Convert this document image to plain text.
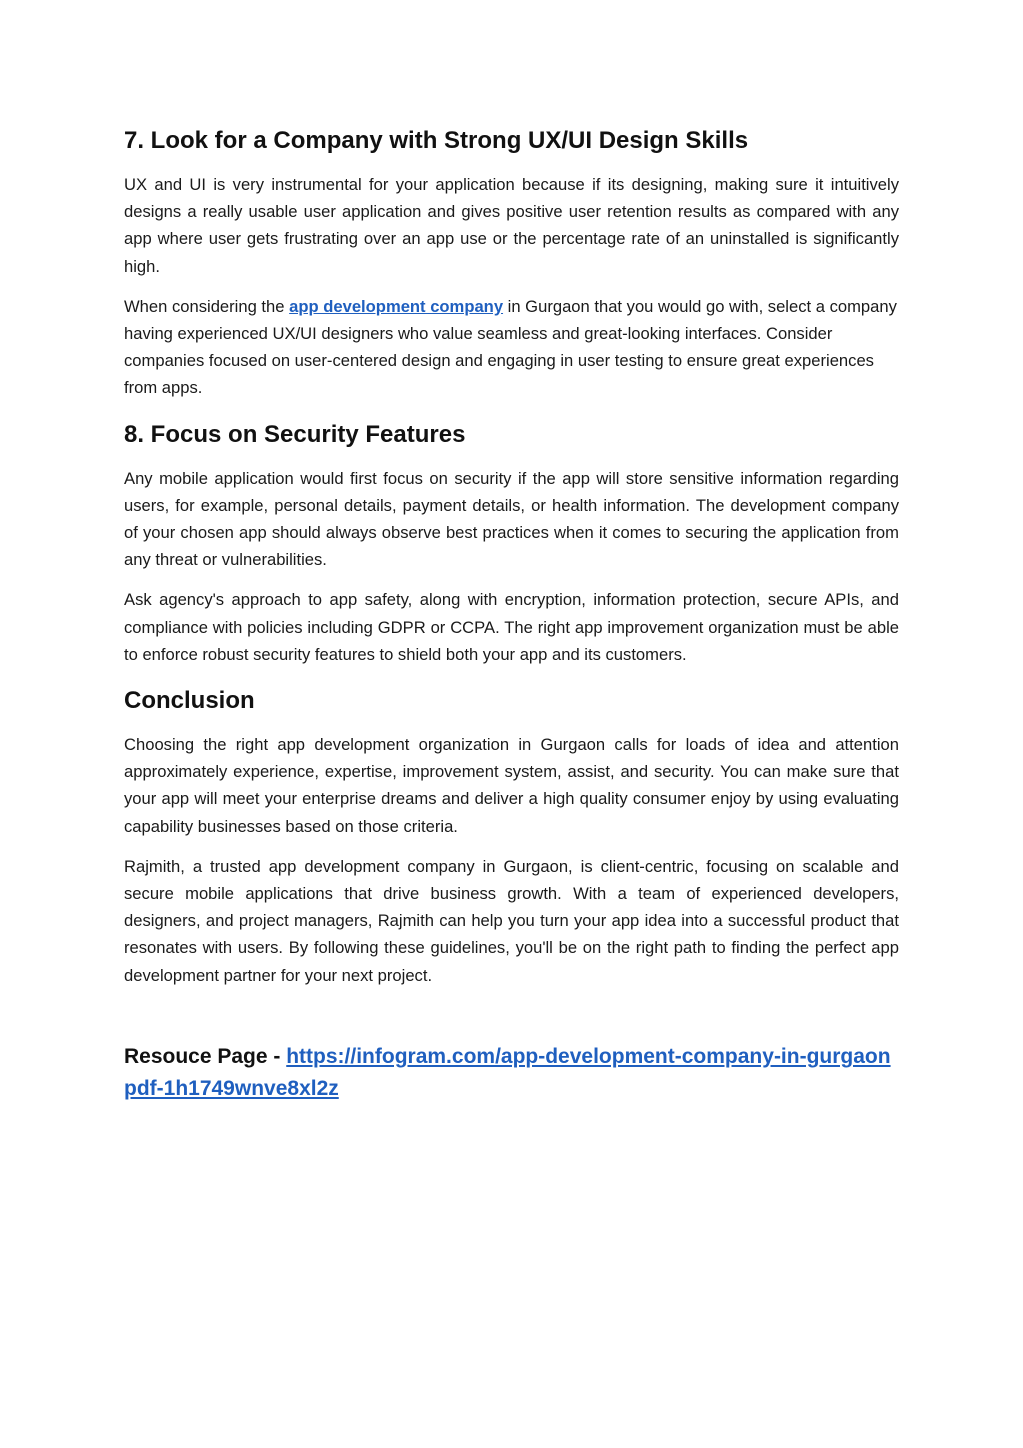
7. Look for a Company with Strong UX/UI Design Skills

UX and UI is very instrumental for your application because if its designing, making sure it intuitively designs a really usable user application and gives positive user retention results as compared with any app where user gets frustrating over an app use or the percentage rate of an uninstalled is significantly high.

When considering the app development company in Gurgaon that you would go with, select a company having experienced UX/UI designers who value seamless and great-looking interfaces. Consider companies focused on user-centered design and engaging in user testing to ensure great experiences from apps.

8. Focus on Security Features

Any mobile application would first focus on security if the app will store sensitive information regarding users, for example, personal details, payment details, or health information. The development company of your chosen app should always observe best practices when it comes to securing the application from any threat or vulnerabilities.

Ask agency's approach to app safety, along with encryption, information protection, secure APIs, and compliance with policies including GDPR or CCPA. The right app improvement organization must be able to enforce robust security features to shield both your app and its customers.

Conclusion

Choosing the right app development organization in Gurgaon calls for loads of idea and attention approximately experience, expertise, improvement system, assist, and security. You can make sure that your app will meet your enterprise dreams and deliver a high quality consumer enjoy by using evaluating capability businesses based on those criteria.

Rajmith, a trusted app development company in Gurgaon, is client-centric, focusing on scalable and secure mobile applications that drive business growth. With a team of experienced developers, designers, and project managers, Rajmith can help you turn your app idea into a successful product that resonates with users. By following these guidelines, you'll be on the right path to finding the perfect app development partner for your next project.

Resouce Page - https://infogram.com/app-development-company-in-gurgaonpdf-1h1749wnve8xl2z
